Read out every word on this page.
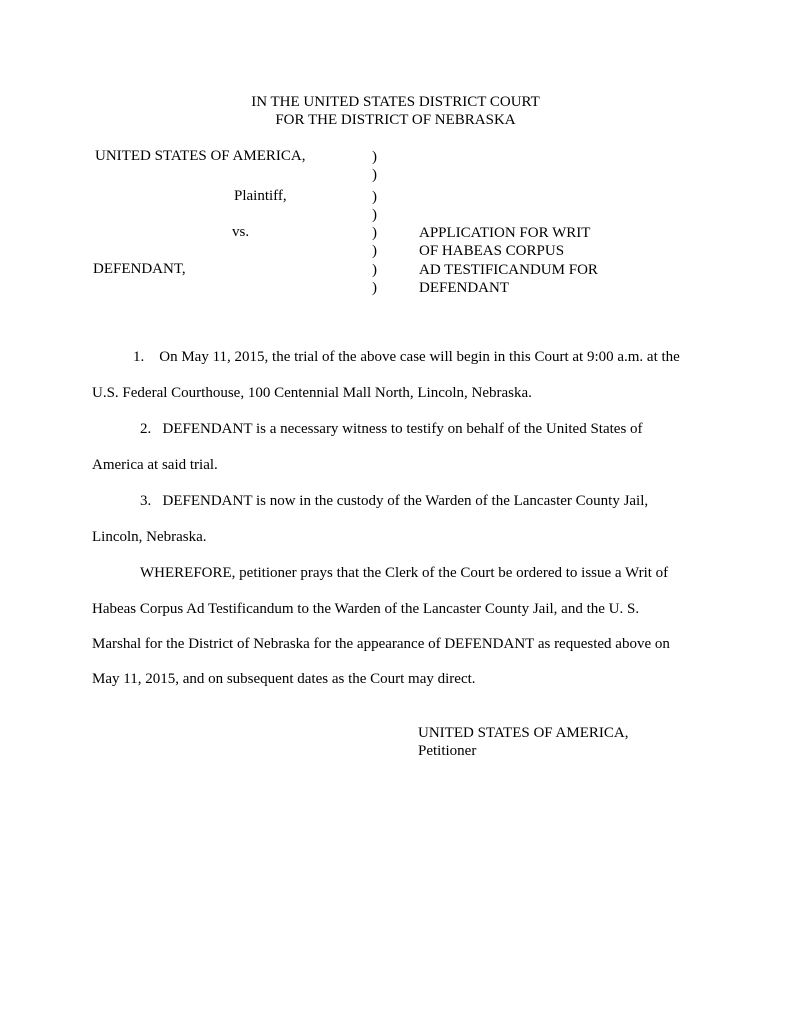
IN THE UNITED STATES DISTRICT COURT
FOR THE DISTRICT OF NEBRASKA
UNITED STATES OF AMERICA,
Plaintiff,
vs.
DEFENDANT,
)
)
)
)
)
)
)
)
APPLICATION FOR WRIT
OF HABEAS CORPUS
AD TESTIFICANDUM FOR
DEFENDANT
1.    On May 11, 2015, the trial of the above case will begin in this Court at 9:00 a.m. at the
U.S. Federal Courthouse, 100 Centennial Mall North, Lincoln, Nebraska.
2.   DEFENDANT is a necessary witness to testify on behalf of the United States of
America at said trial.
3.   DEFENDANT is now in the custody of the Warden of the Lancaster County Jail,
Lincoln, Nebraska.
WHEREFORE, petitioner prays that the Clerk of the Court be ordered to issue a Writ of
Habeas Corpus Ad Testificandum to the Warden of the Lancaster County Jail, and the U. S.
Marshal for the District of Nebraska for the appearance of DEFENDANT as requested above on
May 11, 2015, and on subsequent dates as the Court may direct.
UNITED STATES OF AMERICA,
Petitioner
